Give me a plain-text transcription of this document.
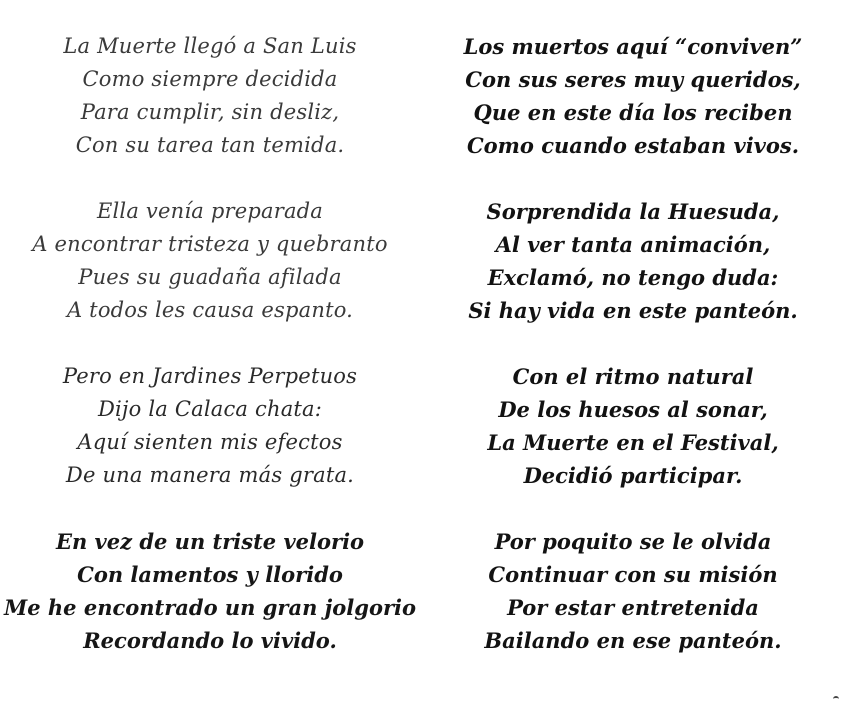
La Muerte llegó a San Luis
Como siempre decidida
Para cumplir, sin desliz,
Con su tarea tan temida.
Ella venía preparada
A encontrar tristeza y quebranto
Pues su guadaña afilada
A todos les causa espanto.
Pero en Jardines Perpetuos
Dijo la Calaca chata:
Aquí sienten mis efectos
De una manera más grata.
En vez de un triste velorio
Con lamentos y llorido
Me he encontrado un gran jolgorio
Recordando lo vivido.
Los muertos aquí “conviven”
Con sus seres muy queridos,
Que en este día los reciben
Como cuando estaban vivos.
Sorprendida la Huesuda,
Al ver tanta animación,
Exclamó, no tengo duda:
Si hay vida en este panteón.
Con el ritmo natural
De los huesos al sonar,
La Muerte en el Festival,
Decidió participar.
Por poquito se le olvida
Continuar con su misión
Por estar entretenida
Bailando en ese panteón.
